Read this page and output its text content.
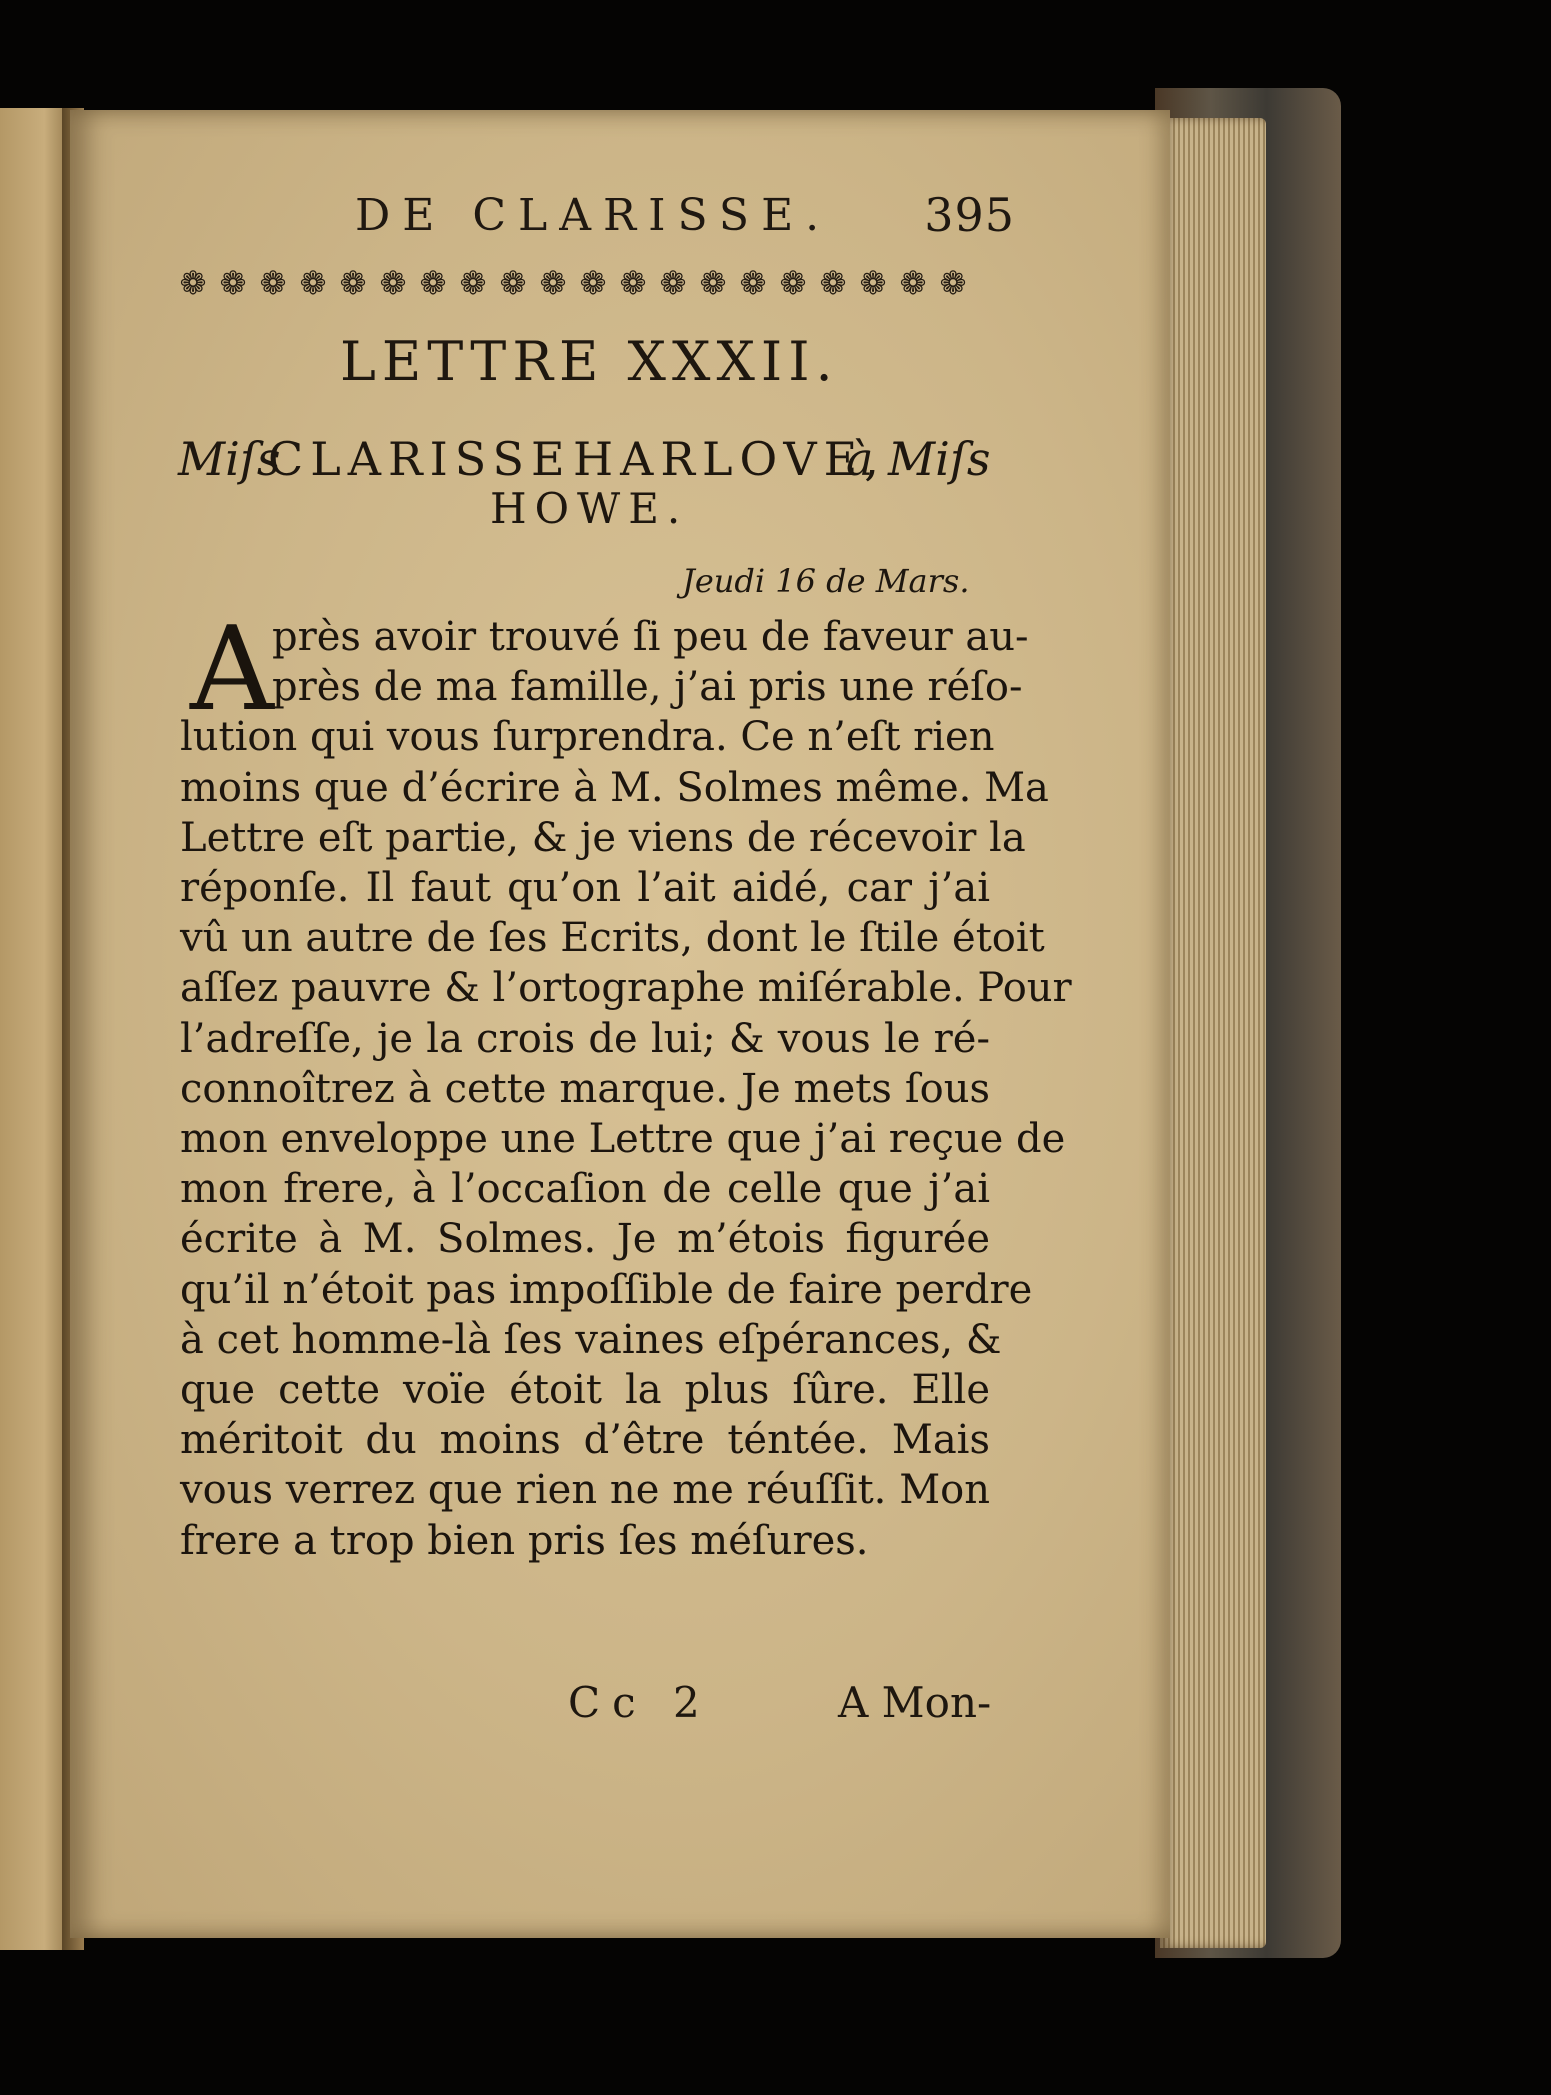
DE CLARISSE. 395
❁ ❁ ❁ ❁ ❁ ❁ ❁ ❁ ❁ ❁ ❁ ❁ ❁ ❁ ❁ ❁ ❁ ❁ ❁ ❁
LETTRE XXXII.
Miſs
CLARISSE HARLOVE,
à Miſs
HOWE.
Jeudi 16 de Mars.
A
près avoir trouvé ſi peu de faveur au-
près de ma famille, j’ai pris une réſo-
lution qui vous ſurprendra. Ce n’eſt rien
moins que d’écrire à M. Solmes même. Ma
Lettre eſt partie, & je viens de récevoir la
réponſe. Il faut qu’on l’ait aidé, car j’ai
vû un autre de ſes Ecrits, dont le ſtile étoit
aſſez pauvre & l’ortographe miſérable. Pour
l’adreſſe, je la crois de lui; & vous le ré-
connoîtrez à cette marque. Je mets ſous
mon enveloppe une Lettre que j’ai reçue de
mon frere, à l’occaſion de celle que j’ai
écrite à M. Solmes. Je m’étois figurée
qu’il n’étoit pas impoſſible de faire perdre
à cet homme-là ſes vaines eſpérances, &
que cette voïe étoit la plus ſûre. Elle
méritoit du moins d’être téntée. Mais
vous verrez que rien ne me réuſſit. Mon
frere a trop bien pris ſes méſures.
Cc 2	A Mon-
